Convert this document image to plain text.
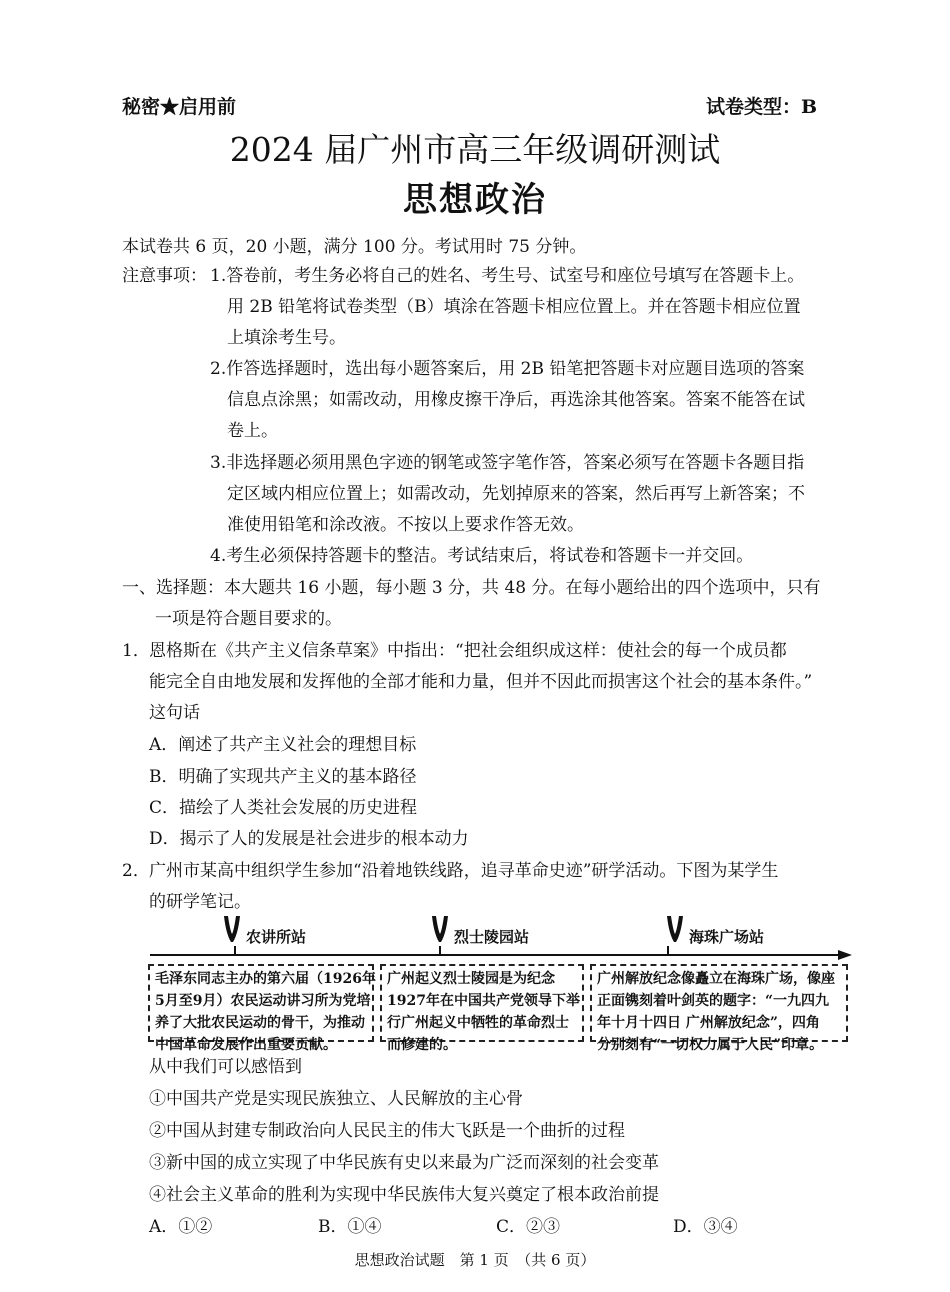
秘密★启用前	试卷类型：B
2024 届广州市高三年级调研测试
思想政治
本试卷共 6 页，20 小题，满分 100 分。考试用时 75 分钟。
注意事项： 1.答卷前，考生务必将自己的姓名、考生号、试室号和座位号填写在答题卡上。
用 2B 铅笔将试卷类型（B）填涂在答题卡相应位置上。并在答题卡相应位置
上填涂考生号。
2.作答选择题时，选出每小题答案后，用 2B 铅笔把答题卡对应题目选项的答案
信息点涂黑；如需改动，用橡皮擦干净后，再选涂其他答案。答案不能答在试
卷上。
3.非选择题必须用黑色字迹的钢笔或签字笔作答，答案必须写在答题卡各题目指
定区域内相应位置上；如需改动，先划掉原来的答案，然后再写上新答案；不
准使用铅笔和涂改液。不按以上要求作答无效。
4.考生必须保持答题卡的整洁。考试结束后，将试卷和答题卡一并交回。
一、选择题：本大题共 16 小题，每小题 3 分，共 48 分。在每小题给出的四个选项中，只有
一项是符合题目要求的。
1． 恩格斯在《共产主义信条草案》中指出：“把社会组织成这样：使社会的每一个成员都
能完全自由地发展和发挥他的全部才能和力量，但并不因此而损害这个社会的基本条件。”
这句话
A．阐述了共产主义社会的理想目标
B．明确了实现共产主义的基本路径
C．描绘了人类社会发展的历史进程
D．揭示了人的发展是社会进步的根本动力
2． 广州市某高中组织学生参加“沿着地铁线路，追寻革命史迹”研学活动。下图为某学生
的研学笔记。
农讲所站	烈士陵园站	海珠广场站
毛泽东同志主办的第六届（1926年
5月至9月）农民运动讲习所为党培
养了大批农民运动的骨干，为推动
中国革命发展作出重要贡献。
广州起义烈士陵园是为纪念
1927年在中国共产党领导下举
行广州起义中牺牲的革命烈士
而修建的。
广州解放纪念像矗立在海珠广场，像座
正面镌刻着叶剑英的题字：“一九四九
年十月十四日 广州解放纪念”，四角
分别刻有“一切权力属于人民”印章。
从中我们可以感悟到
①中国共产党是实现民族独立、人民解放的主心骨
②中国从封建专制政治向人民民主的伟大飞跃是一个曲折的过程
③新中国的成立实现了中华民族有史以来最为广泛而深刻的社会变革
④社会主义革命的胜利为实现中华民族伟大复兴奠定了根本政治前提
A．①②	B．①④	C．②③	D．③④
思想政治试题　第 1 页　（共 6 页）
